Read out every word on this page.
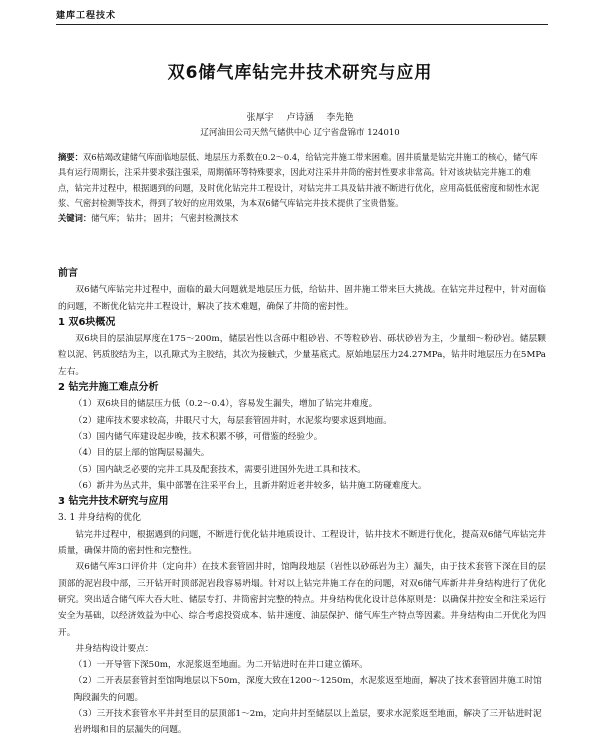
建库工程技术
双6储气库钻完井技术研究与应用
张厚宇 卢诗涵 李先艳
辽河油田公司天然气储供中心 辽宁省盘锦市 124010
摘要：双6枯竭改建储气库面临地层低、地层压力系数在0.2～0.4，给钻完井施工带来困难。固井质量是钻完井施工的核心，储气库具有运行周期长，注采井要求强注强采，周期循环等特殊要求，因此对注采井井筒的密封性要求非常高。针对该块钻完井施工的难点，钻完井过程中，根据遇到的问题，及时优化钻完井工程设计，对钻完井工具及钻井液不断进行优化，应用高低低密度和韧性水泥浆、气密封检测等技术，得到了较好的应用效果，为本双6储气库钻完井技术提供了宝贵借鉴。
关键词：储气库； 钻井； 固井； 气密封检测技术

前言

双6储气库钻完井过程中，面临的最大问题就是地层压力低，给钻井、固井施工带来巨大挑战。在钻完井过程中，针对面临的问题，不断优化钻完井工程设计，解决了技术难题，确保了井筒的密封性。

1 双6块概况

双6块目的层油层厚度在175～200m，储层岩性以含砾中粗砂岩、不等粒砂岩、砾状砂岩为主，少量细～粉砂岩。储层颗粒以泥、钙质胶结为主，以孔隙式为主胶结，其次为接触式，少量基底式。原始地层压力24.27MPa，钻井时地层压力在5MPa左右。

2 钻完井施工难点分析

（1）双6块目的储层压力低（0.2～0.4），容易发生漏失，增加了钻完井难度。
（2）建库技术要求较高，井眼尺寸大，每层套管固井时，水泥浆均要求返到地面。
（3）国内储气库建设起步晚，技术积累不够，可借鉴的经验少。
（4）目的层上部的馆陶层易漏失。
（5）国内缺乏必要的完井工具及配套技术，需要引进国外先进工具和技术。
（6）新井为丛式井，集中部署在注采平台上，且新井附近老井较多，钻井施工防碰难度大。

3 钻完井技术研究与应用

3. 1 井身结构的优化

钻完井过程中，根据遇到的问题，不断进行优化钻井地质设计、工程设计，钻井技术不断进行优化，提高双6储气库钻完井质量，确保井筒的密封性和完整性。

双6储气库3口评价井（定向井）在技术套管固井时，馆陶段地层（岩性以砂砾岩为主）漏失，由于技术套管下深在目的层顶部的泥岩段中部，三开钻开时顶部泥岩段容易坍塌。针对以上钻完井施工存在的问题，对双6储气库新井井身结构进行了优化研究。突出适合储气库大吞大吐、储层专打、井筒密封完整的特点。井身结构优化设计总体原则是：以确保井控安全和注采运行安全为基础，以经济效益为中心、综合考虑投资成本、钻井速度、油层保护、储气库生产特点等因素。井身结构由二开优化为四开。

井身结构设计要点：

（1）一开导管下深50m，水泥浆返至地面。为二开钻进时在井口建立循环。
（2）二开表层套管封至馆陶地层以下50m，深度大致在1200～1250m，水泥浆返至地面，解决了技术套管固井施工时馆陶段漏失的问题。
（3）三开技术套管水平井封至目的层顶部1～2m，定向井封至储层以上盖层，要求水泥浆返至地面，解决了三开钻进时泥岩坍塌和目的层漏失的问题。
